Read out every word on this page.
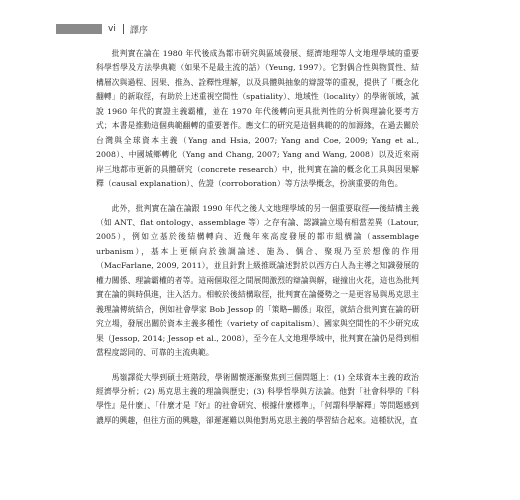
vi 譯序

批判實在論在 1980 年代後成為都市研究與區域發展、經濟地理等人文地理學域的重要科學哲學及方法學典範（如果不是最主流的話）（Yeung, 1997）。它對偶合性與物質性、結構層次與過程、因果、推為、詮釋性理解，以及具體與抽象的辯證等的重視，提供了「概念化翻轉」的新取徑，有助於上述重視空間性（spatiality）、地域性（locality）的學術領域，誠說 1960 年代的實證主義霸權，並在 1970 年代後轉向更具批判性的分析與理論化要考方式；本書是推動這個典範翻轉的重要著作。應文仁的研究是這個典範的的加源緣，在過去關於台灣與全球資本主義（Yang and Hsia, 2007; Yang and Coe, 2009; Yang et al., 2008）、中國城鄉轉化（Yang and Chang, 2007; Yang and Wang, 2008）以及近來兩岸三地都市更新的具體研究（concrete research）中，批判實在論的概念化工具與因果解釋（causal explanation）、佐證（corroboration）等方法學概念，扮演重要的角色。

此外，批判實在論在論跟 1990 年代之後人文地理學域的另一個重要取徑──後結構主義（如 ANT、flat ontology、assemblage 等）之存有論、認識論立場有相當差異（Latour, 2005），例如立基於後結構轉向、近幾年來高度發展的都市組構論（assemblage urbanism），基本上更傾向於強調論述、施為、偶合、聚現乃至於想像的作用（MacFarlane, 2009, 2011），並且針對上級推既論述對於以西方白人為主導之知識發展的權力關係、理論霸權的者等。這兩個取徑之間展開激烈的辯論與解，碰撞出火花，這也為批判實在論的與時俱進，注入活力。相較於後結構取徑，批判實在論優勢之一是更容易與馬克思主義理論傳統結合，例如社會學家 Bob Jessop 的「策略─關係」取徑，就結合批判實在論的研究立場，發展出關於資本主義多種性（variety of capitalism）、國家與空間性的不少研究成果（Jessop, 2014; Jessop et al., 2008），至今在人文地理學域中，批判實在論仍是得到相當程度認同的、可靠的主流典範。

馬嶺譯從大學到碩士班階段，學術關懷逐漸聚焦到三個問題上：(1) 全球資本主義的政治經濟學分析；(2) 馬克思主義的理論與歷史；(3) 科學哲學與方法論。他對「社會科學的『科學性』是什麼」、「什麼才是『好』的社會研究、根據什麼標準」，「何謂科學解釋」等問題感到濃厚的興趣，但往方面的興趣，卻遲遲難以與他對馬克思主義的學習結合起來。這種狀況，直
